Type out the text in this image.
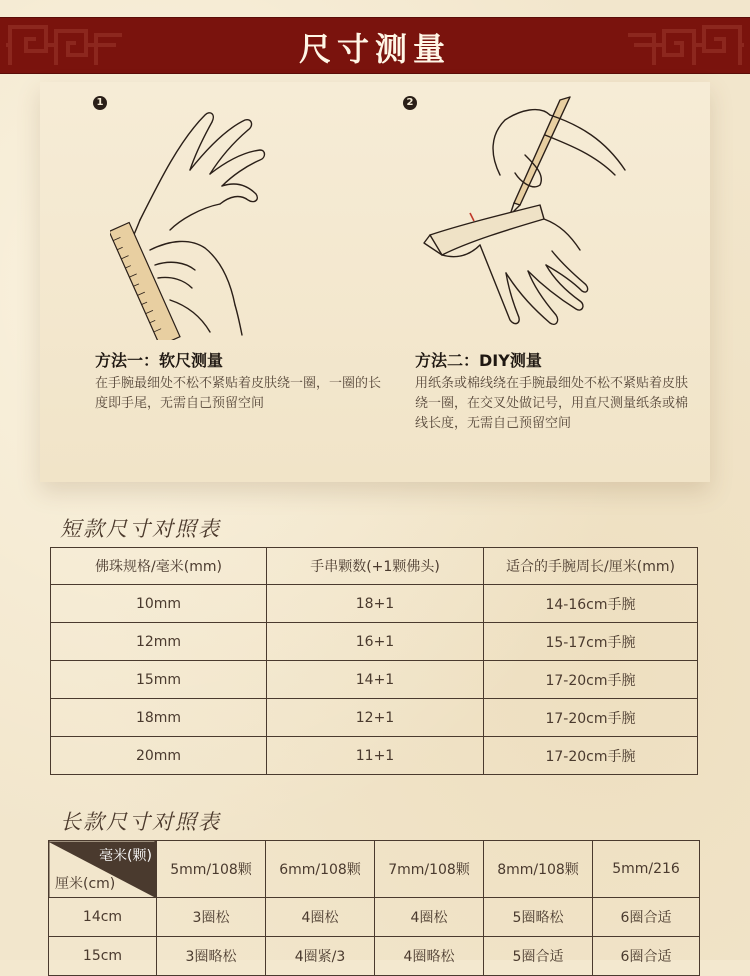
尺寸测量
1
方法一：软尺测量
在手腕最细处不松不紧贴着皮肤绕一圈，一圈的长度即手尾，无需自己预留空间
2
方法二：DIY测量
用纸条或棉线绕在手腕最细处不松不紧贴着皮肤绕一圈，在交叉处做记号，用直尺测量纸条或棉线长度，无需自己预留空间
短款尺寸对照表
佛珠规格/毫米(mm)	手串颗数(+1颗佛头)	适合的手腕周长/厘米(mm)
10mm	18+1	14-16cm手腕
12mm	16+1	15-17cm手腕
15mm	14+1	17-20cm手腕
18mm	12+1	17-20cm手腕
20mm	11+1	17-20cm手腕
长款尺寸对照表
毫米(颗)
厘米(cm)	5mm/108颗	6mm/108颗	7mm/108颗	8mm/108颗	5mm/216
14cm	3圈松	4圈松	4圈松	5圈略松	6圈合适
15cm	3圈略松	4圈紧/3	4圈略松	5圈合适	6圈合适
